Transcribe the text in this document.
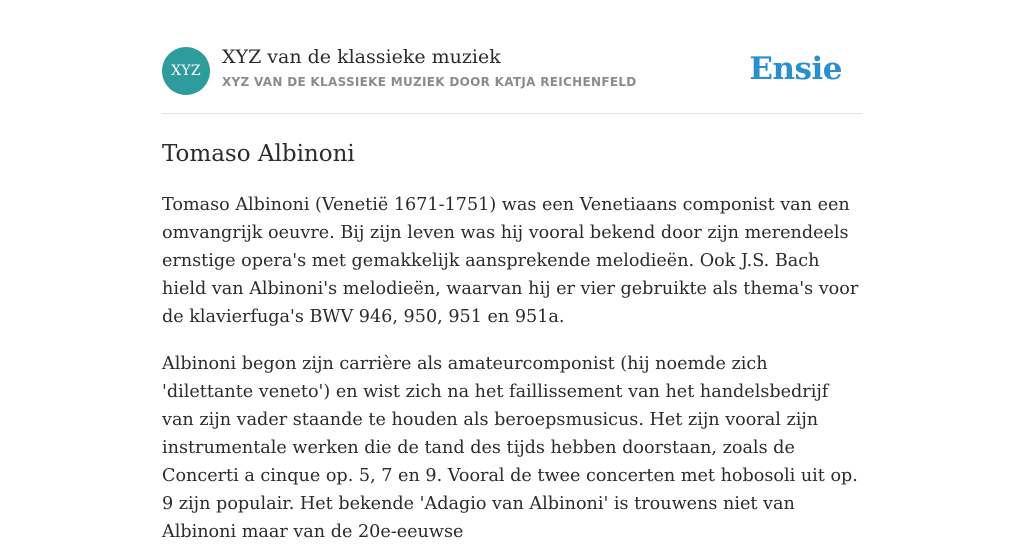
XYZ
XYZ van de klassieke muziek
XYZ VAN DE KLASSIEKE MUZIEK DOOR KATJA REICHENFELD	Ensie
Tomaso Albinoni

Tomaso Albinoni (Venetië 1671-1751) was een Venetiaans componist van een omvangrijk oeuvre. Bij zijn leven was hij vooral bekend door zijn merendeels ernstige opera's met gemakkelijk aansprekende melodieën. Ook J.S. Bach hield van Albinoni's melodieën, waarvan hij er vier gebruikte als thema's voor de klavierfuga's BWV 946, 950, 951 en 951a.

Albinoni begon zijn carrière als amateurcomponist (hij noemde zich 'dilettante veneto') en wist zich na het faillissement van het handelsbedrijf van zijn vader staande te houden als beroepsmusicus. Het zijn vooral zijn instrumentale werken die de tand des tijds hebben doorstaan, zoals de Concerti a cinque op. 5, 7 en 9. Vooral de twee concerten met hobosoli uit op. 9 zijn populair. Het bekende 'Adagio van Albinoni' is trouwens niet van Albinoni maar van de 20e-eeuwse
